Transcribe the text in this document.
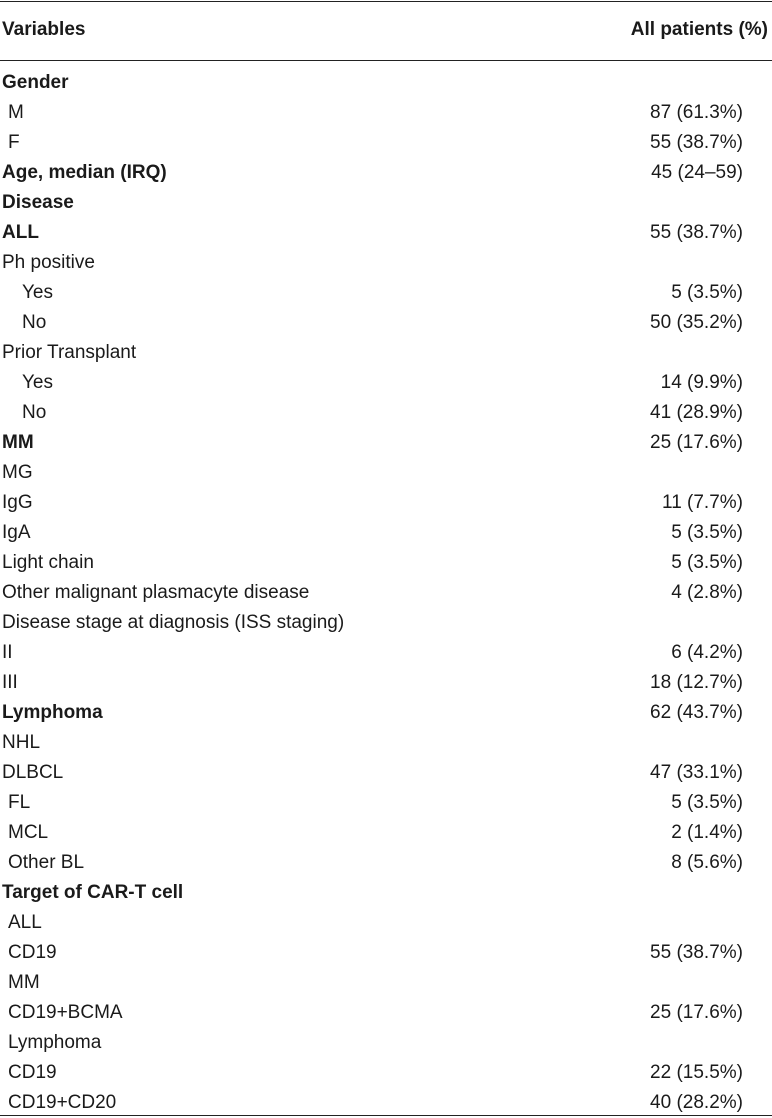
Variables	All patients (%)
Gender
M	87 (61.3%)
F	55 (38.7%)
Age, median (IRQ)	45 (24–59)
Disease
ALL	55 (38.7%)
Ph positive
Yes	5 (3.5%)
No	50 (35.2%)
Prior Transplant
Yes	14 (9.9%)
No	41 (28.9%)
MM	25 (17.6%)
MG
IgG	11 (7.7%)
IgA	5 (3.5%)
Light chain	5 (3.5%)
Other malignant plasmacyte disease	4 (2.8%)
Disease stage at diagnosis (ISS staging)
II	6 (4.2%)
III	18 (12.7%)
Lymphoma	62 (43.7%)
NHL
DLBCL	47 (33.1%)
FL	5 (3.5%)
MCL	2 (1.4%)
Other BL	8 (5.6%)
Target of CAR-T cell
ALL
CD19	55 (38.7%)
MM
CD19+BCMA	25 (17.6%)
Lymphoma
CD19	22 (15.5%)
CD19+CD20	40 (28.2%)
